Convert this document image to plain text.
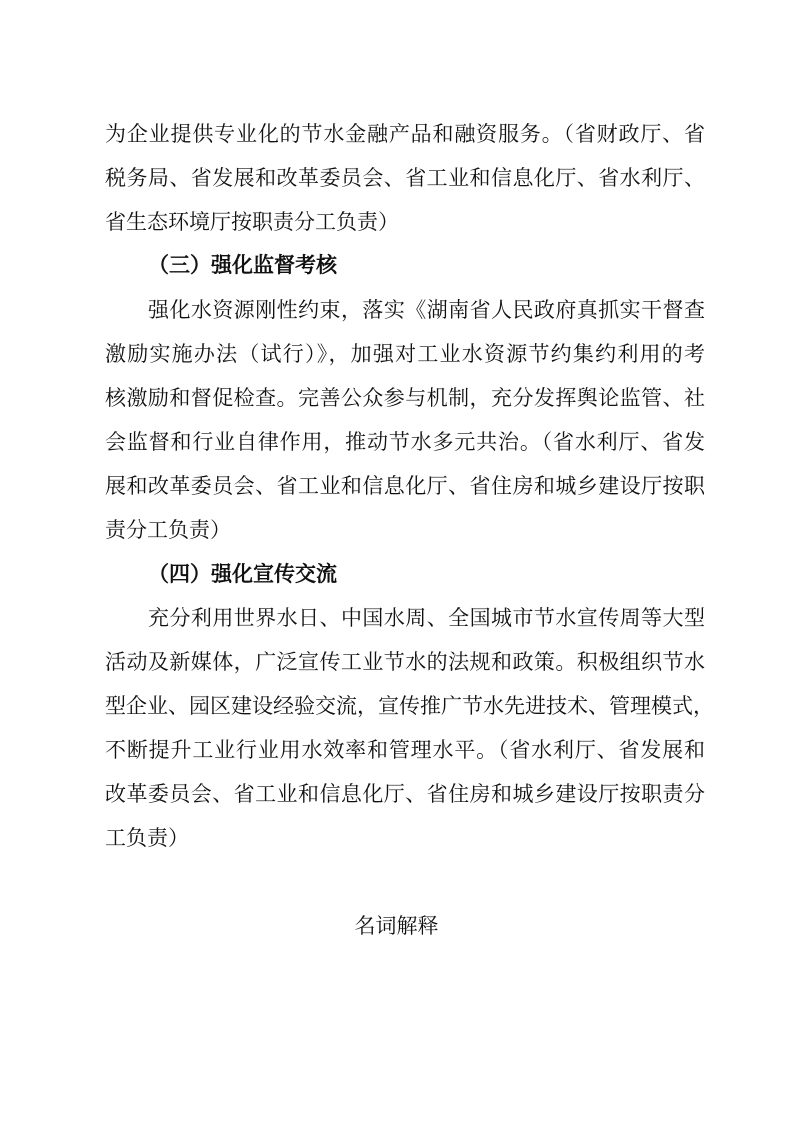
为企业提供专业化的节水金融产品和融资服务。（省财政厅、省
税务局、省发展和改革委员会、省工业和信息化厅、省水利厅、
省生态环境厅按职责分工负责）
（三）强化监督考核
强化水资源刚性约束，落实《湖南省人民政府真抓实干督查
激励实施办法（试行）》，加强对工业水资源节约集约利用的考
核激励和督促检查。完善公众参与机制，充分发挥舆论监管、社
会监督和行业自律作用，推动节水多元共治。（省水利厅、省发
展和改革委员会、省工业和信息化厅、省住房和城乡建设厅按职
责分工负责）
（四）强化宣传交流
充分利用世界水日、中国水周、全国城市节水宣传周等大型
活动及新媒体，广泛宣传工业节水的法规和政策。积极组织节水
型企业、园区建设经验交流，宣传推广节水先进技术、管理模式，
不断提升工业行业用水效率和管理水平。（省水利厅、省发展和
改革委员会、省工业和信息化厅、省住房和城乡建设厅按职责分
工负责）
名词解释
